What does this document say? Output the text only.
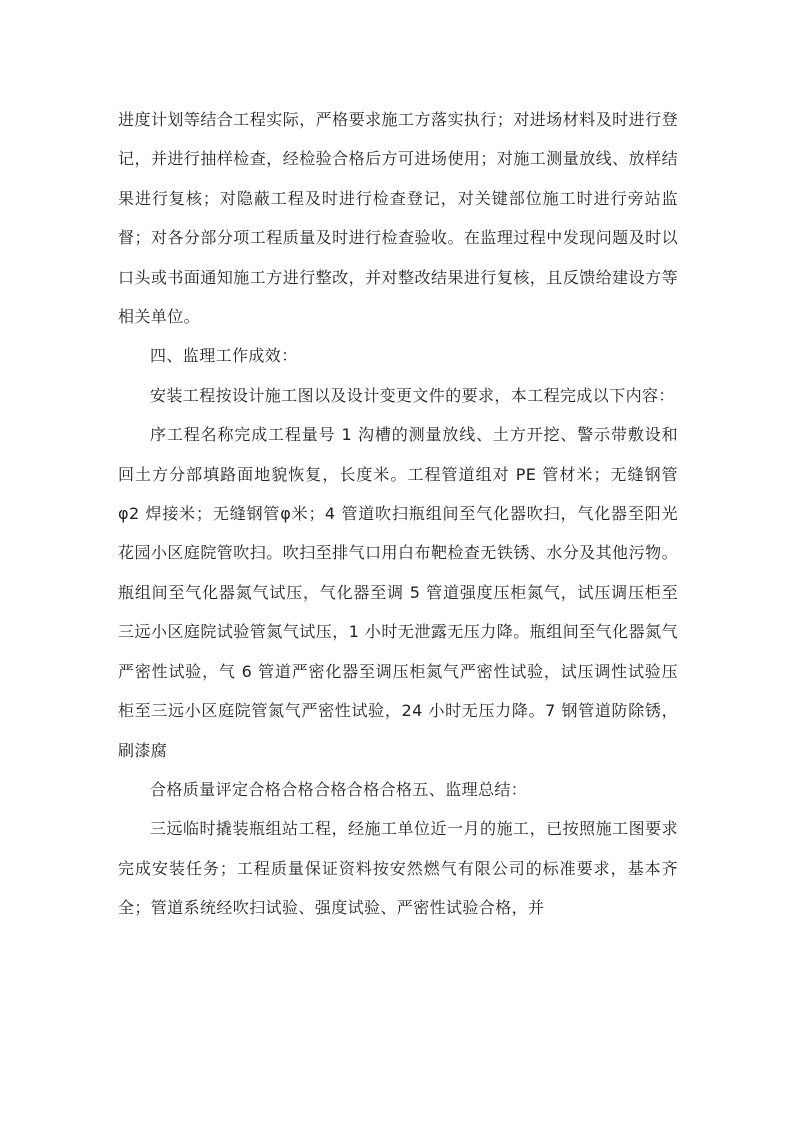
进度计划等结合工程实际，严格要求施工方落实执行；对进场材料及时进行登记，并进行抽样检查，经检验合格后方可进场使用；对施工测量放线、放样结果进行复核；对隐蔽工程及时进行检查登记，对关键部位施工时进行旁站监督；对各分部分项工程质量及时进行检查验收。在监理过程中发现问题及时以口头或书面通知施工方进行整改，并对整改结果进行复核，且反馈给建设方等相关单位。

四、监理工作成效：

安装工程按设计施工图以及设计变更文件的要求，本工程完成以下内容：

序工程名称完成工程量号 1 沟槽的测量放线、土方开挖、警示带敷设和回土方分部填路面地貌恢复，长度米。工程管道组对 PE 管材米；无缝钢管φ2 焊接米；无缝钢管φ米；4 管道吹扫瓶组间至气化器吹扫，气化器至阳光花园小区庭院管吹扫。吹扫至排气口用白布靶检查无铁锈、水分及其他污物。瓶组间至气化器氮气试压，气化器至调 5 管道强度压柜氮气，试压调压柜至三远小区庭院试验管氮气试压，1 小时无泄露无压力降。瓶组间至气化器氮气严密性试验，气 6 管道严密化器至调压柜氮气严密性试验，试压调性试验压柜至三远小区庭院管氮气严密性试验，24 小时无压力降。7 钢管道防除锈，刷漆腐

合格质量评定合格合格合格合格合格五、监理总结：

三远临时撬装瓶组站工程，经施工单位近一月的施工，已按照施工图要求完成安装任务；工程质量保证资料按安然燃气有限公司的标准要求，基本齐全；管道系统经吹扫试验、强度试验、严密性试验合格，并
